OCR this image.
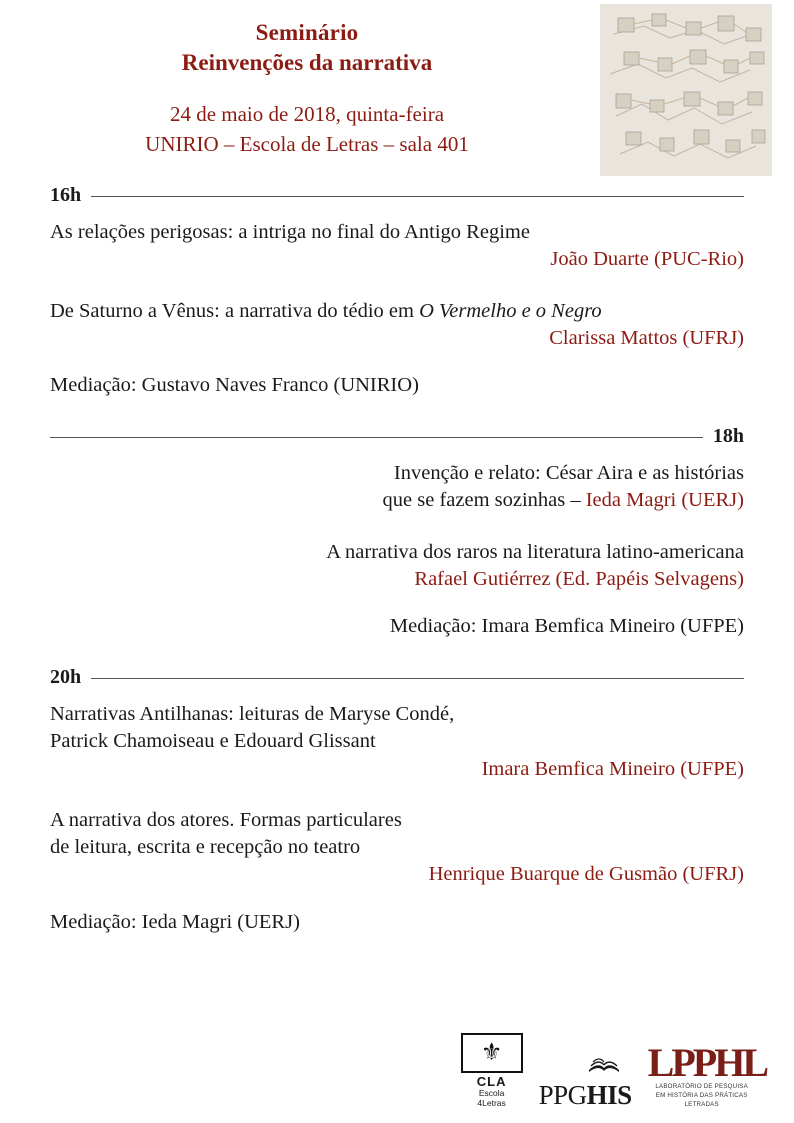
Seminário
Reinvenções da narrativa
24 de maio de 2018, quinta-feira
UNIRIO – Escola de Letras – sala 401
16h
As relações perigosas: a intriga no final do Antigo Regime
João Duarte (PUC-Rio)
De Saturno a Vênus: a narrativa do tédio em O Vermelho e o Negro
Clarissa Mattos (UFRJ)
Mediação: Gustavo Naves Franco (UNIRIO)
18h
Invenção e relato: César Aira e as histórias
que se fazem sozinhas – Ieda Magri (UERJ)
A narrativa dos raros na literatura latino-americana
Rafael Gutiérrez (Ed. Papéis Selvagens)
Mediação: Imara Bemfica Mineiro (UFPE)
20h
Narrativas Antilhanas: leituras de Maryse Condé,
Patrick Chamoiseau e Edouard Glissant
Imara Bemfica Mineiro (UFPE)
A narrativa dos atores. Formas particulares
de leitura, escrita e recepção no teatro
Henrique Buarque de Gusmão (UFRJ)
Mediação: Ieda Magri (UERJ)
⚜
CLA
Escola
4Letras	PPGHIS
LPPHL
LABORATÓRIO DE PESQUISA
EM HISTÓRIA DAS PRÁTICAS
LETRADAS
